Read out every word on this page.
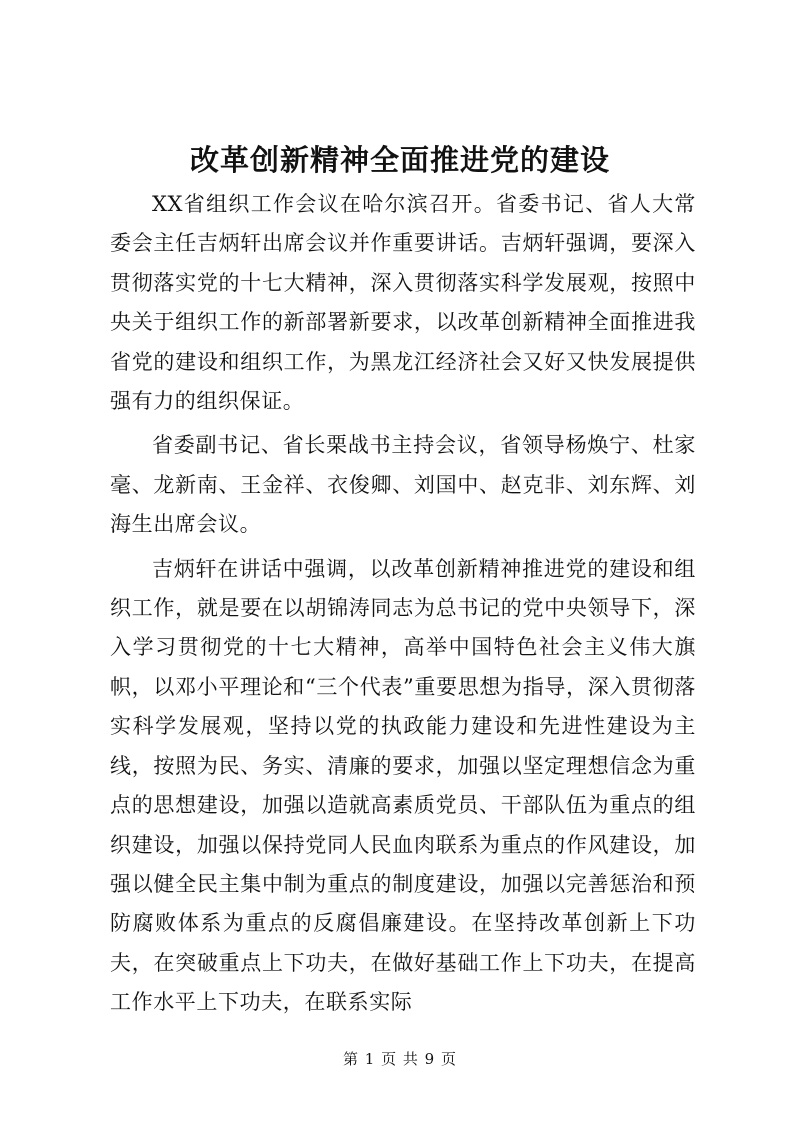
改革创新精神全面推进党的建设

XX省组织工作会议在哈尔滨召开。省委书记、省人大常委会主任吉炳轩出席会议并作重要讲话。吉炳轩强调，要深入贯彻落实党的十七大精神，深入贯彻落实科学发展观，按照中央关于组织工作的新部署新要求，以改革创新精神全面推进我省党的建设和组织工作，为黑龙江经济社会又好又快发展提供强有力的组织保证。

省委副书记、省长栗战书主持会议，省领导杨焕宁、杜家毫、龙新南、王金祥、衣俊卿、刘国中、赵克非、刘东辉、刘海生出席会议。

吉炳轩在讲话中强调，以改革创新精神推进党的建设和组织工作，就是要在以胡锦涛同志为总书记的党中央领导下，深入学习贯彻党的十七大精神，高举中国特色社会主义伟大旗帜，以邓小平理论和“三个代表”重要思想为指导，深入贯彻落实科学发展观，坚持以党的执政能力建设和先进性建设为主线，按照为民、务实、清廉的要求，加强以坚定理想信念为重点的思想建设，加强以造就高素质党员、干部队伍为重点的组织建设，加强以保持党同人民血肉联系为重点的作风建设，加强以健全民主集中制为重点的制度建设，加强以完善惩治和预防腐败体系为重点的反腐倡廉建设。在坚持改革创新上下功夫，在突破重点上下功夫，在做好基础工作上下功夫，在提高工作水平上下功夫，在联系实际

第 1 页 共 9 页
